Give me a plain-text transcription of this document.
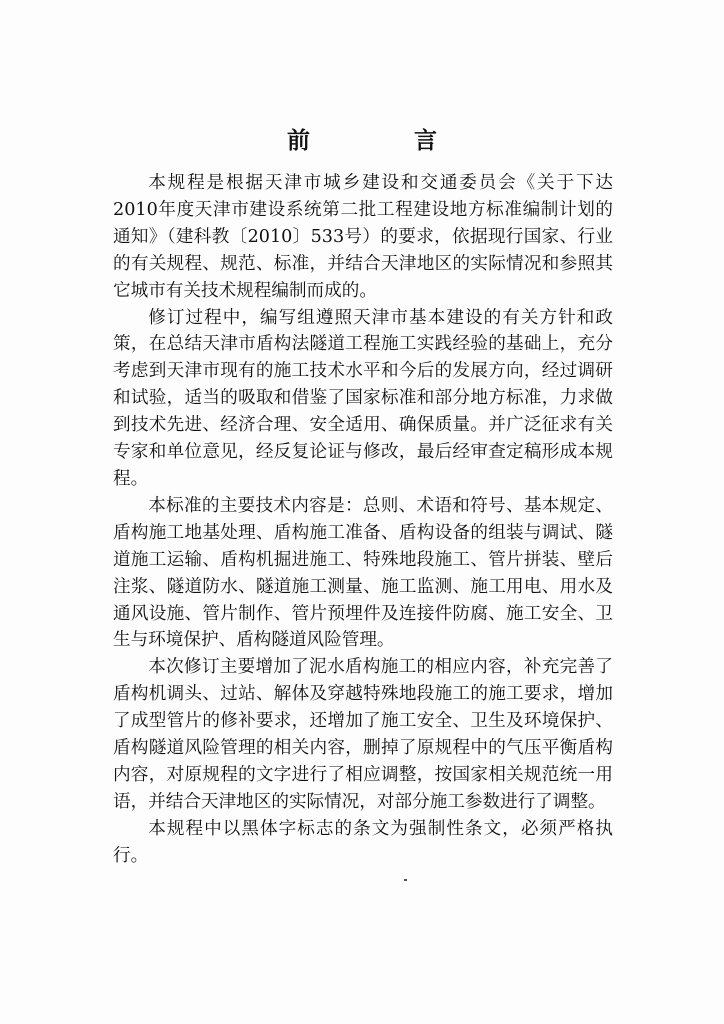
前 言

本规程是根据天津市城乡建设和交通委员会《关于下达2010年度天津市建设系统第二批工程建设地方标准编制计划的通知》（建科教〔2010〕533号）的要求，依据现行国家、行业的有关规程、规范、标准，并结合天津地区的实际情况和参照其它城市有关技术规程编制而成的。

修订过程中，编写组遵照天津市基本建设的有关方针和政策，在总结天津市盾构法隧道工程施工实践经验的基础上，充分考虑到天津市现有的施工技术水平和今后的发展方向，经过调研和试验，适当的吸取和借鉴了国家标准和部分地方标准，力求做到技术先进、经济合理、安全适用、确保质量。并广泛征求有关专家和单位意见，经反复论证与修改，最后经审查定稿形成本规程。

本标准的主要技术内容是：总则、术语和符号、基本规定、盾构施工地基处理、盾构施工准备、盾构设备的组装与调试、隧道施工运输、盾构机掘进施工、特殊地段施工、管片拼装、壁后注浆、隧道防水、隧道施工测量、施工监测、施工用电、用水及通风设施、管片制作、管片预埋件及连接件防腐、施工安全、卫生与环境保护、盾构隧道风险管理。

本次修订主要增加了泥水盾构施工的相应内容，补充完善了盾构机调头、过站、解体及穿越特殊地段施工的施工要求，增加了成型管片的修补要求，还增加了施工安全、卫生及环境保护、盾构隧道风险管理的相关内容，删掉了原规程中的气压平衡盾构内容，对原规程的文字进行了相应调整，按国家相关规范统一用语，并结合天津地区的实际情况，对部分施工参数进行了调整。

本规程中以黑体字标志的条文为强制性条文，必须严格执行。
